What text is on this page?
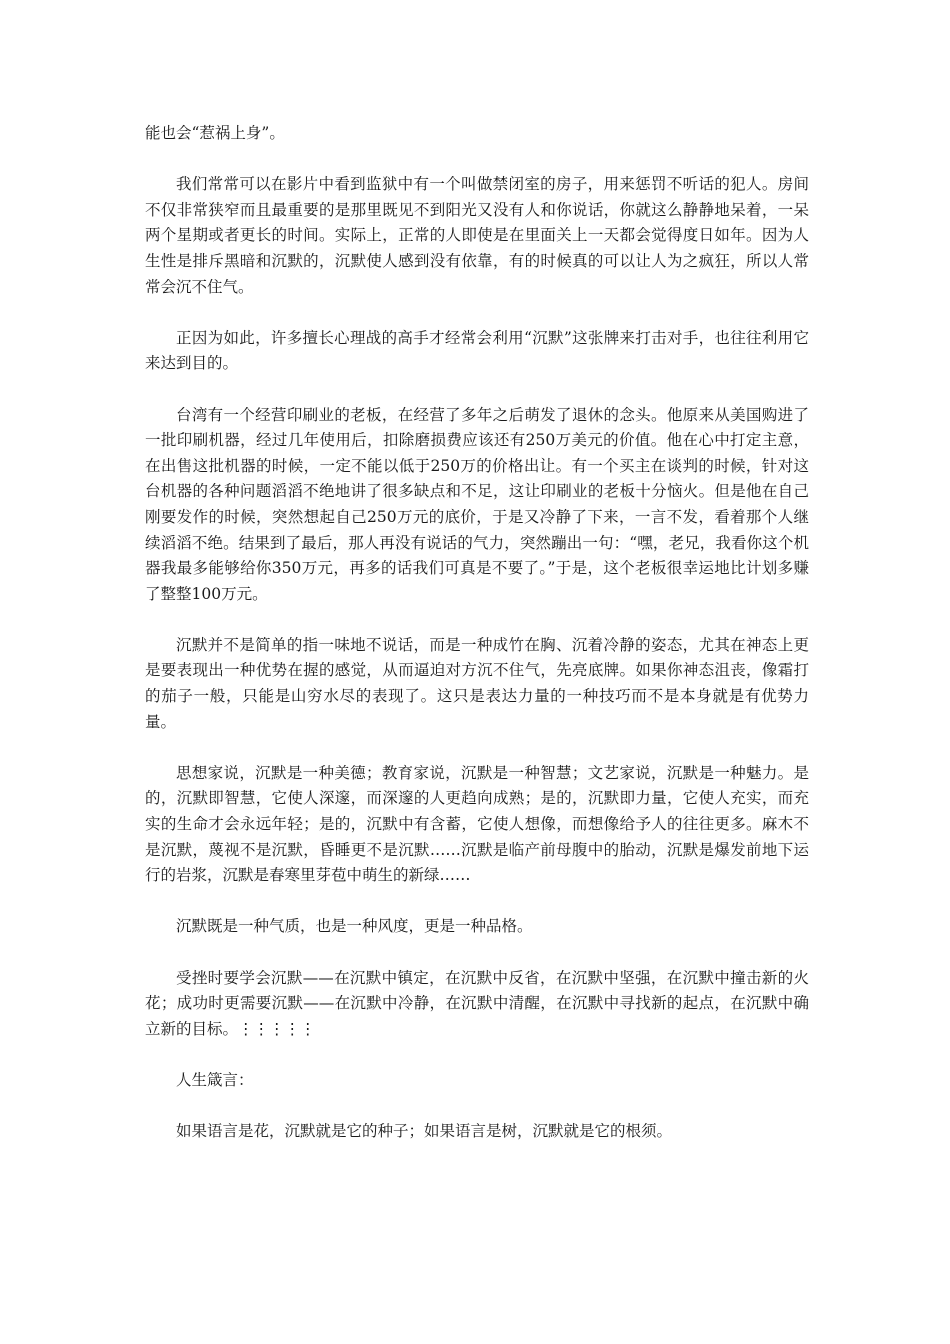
能也会“惹祸上身”。

我们常常可以在影片中看到监狱中有一个叫做禁闭室的房子，用来惩罚不听话的犯人。房间不仅非常狭窄而且最重要的是那里既见不到阳光又没有人和你说话，你就这么静静地呆着，一呆两个星期或者更长的时间。实际上，正常的人即使是在里面关上一天都会觉得度日如年。因为人生性是排斥黑暗和沉默的，沉默使人感到没有依靠，有的时候真的可以让人为之疯狂，所以人常常会沉不住气。

正因为如此，许多擅长心理战的高手才经常会利用“沉默”这张牌来打击对手，也往往利用它来达到目的。

台湾有一个经营印刷业的老板，在经营了多年之后萌发了退休的念头。他原来从美国购进了一批印刷机器，经过几年使用后，扣除磨损费应该还有250万美元的价值。他在心中打定主意，在出售这批机器的时候，一定不能以低于250万的价格出让。有一个买主在谈判的时候，针对这台机器的各种问题滔滔不绝地讲了很多缺点和不足，这让印刷业的老板十分恼火。但是他在自己刚要发作的时候，突然想起自己250万元的底价，于是又冷静了下来，一言不发，看着那个人继续滔滔不绝。结果到了最后，那人再没有说话的气力，突然蹦出一句：“嘿，老兄，我看你这个机器我最多能够给你350万元，再多的话我们可真是不要了。”于是，这个老板很幸运地比计划多赚了整整100万元。

沉默并不是简单的指一味地不说话，而是一种成竹在胸、沉着冷静的姿态，尤其在神态上更是要表现出一种优势在握的感觉，从而逼迫对方沉不住气，先亮底牌。如果你神态沮丧，像霜打的茄子一般，只能是山穷水尽的表现了。这只是表达力量的一种技巧而不是本身就是有优势力量。

思想家说，沉默是一种美德；教育家说，沉默是一种智慧；文艺家说，沉默是一种魅力。是的，沉默即智慧，它使人深邃，而深邃的人更趋向成熟；是的，沉默即力量，它使人充实，而充实的生命才会永远年轻；是的，沉默中有含蓄，它使人想像，而想像给予人的往往更多。麻木不是沉默，蔑视不是沉默，昏睡更不是沉默……沉默是临产前母腹中的胎动，沉默是爆发前地下运行的岩浆，沉默是春寒里芽苞中萌生的新绿……

沉默既是一种气质，也是一种风度，更是一种品格。

受挫时要学会沉默——在沉默中镇定，在沉默中反省，在沉默中坚强，在沉默中撞击新的火花；成功时更需要沉默——在沉默中冷静，在沉默中清醒，在沉默中寻找新的起点，在沉默中确立新的目标。⋮⋮⋮⋮⋮

人生箴言：

如果语言是花，沉默就是它的种子；如果语言是树，沉默就是它的根须。
